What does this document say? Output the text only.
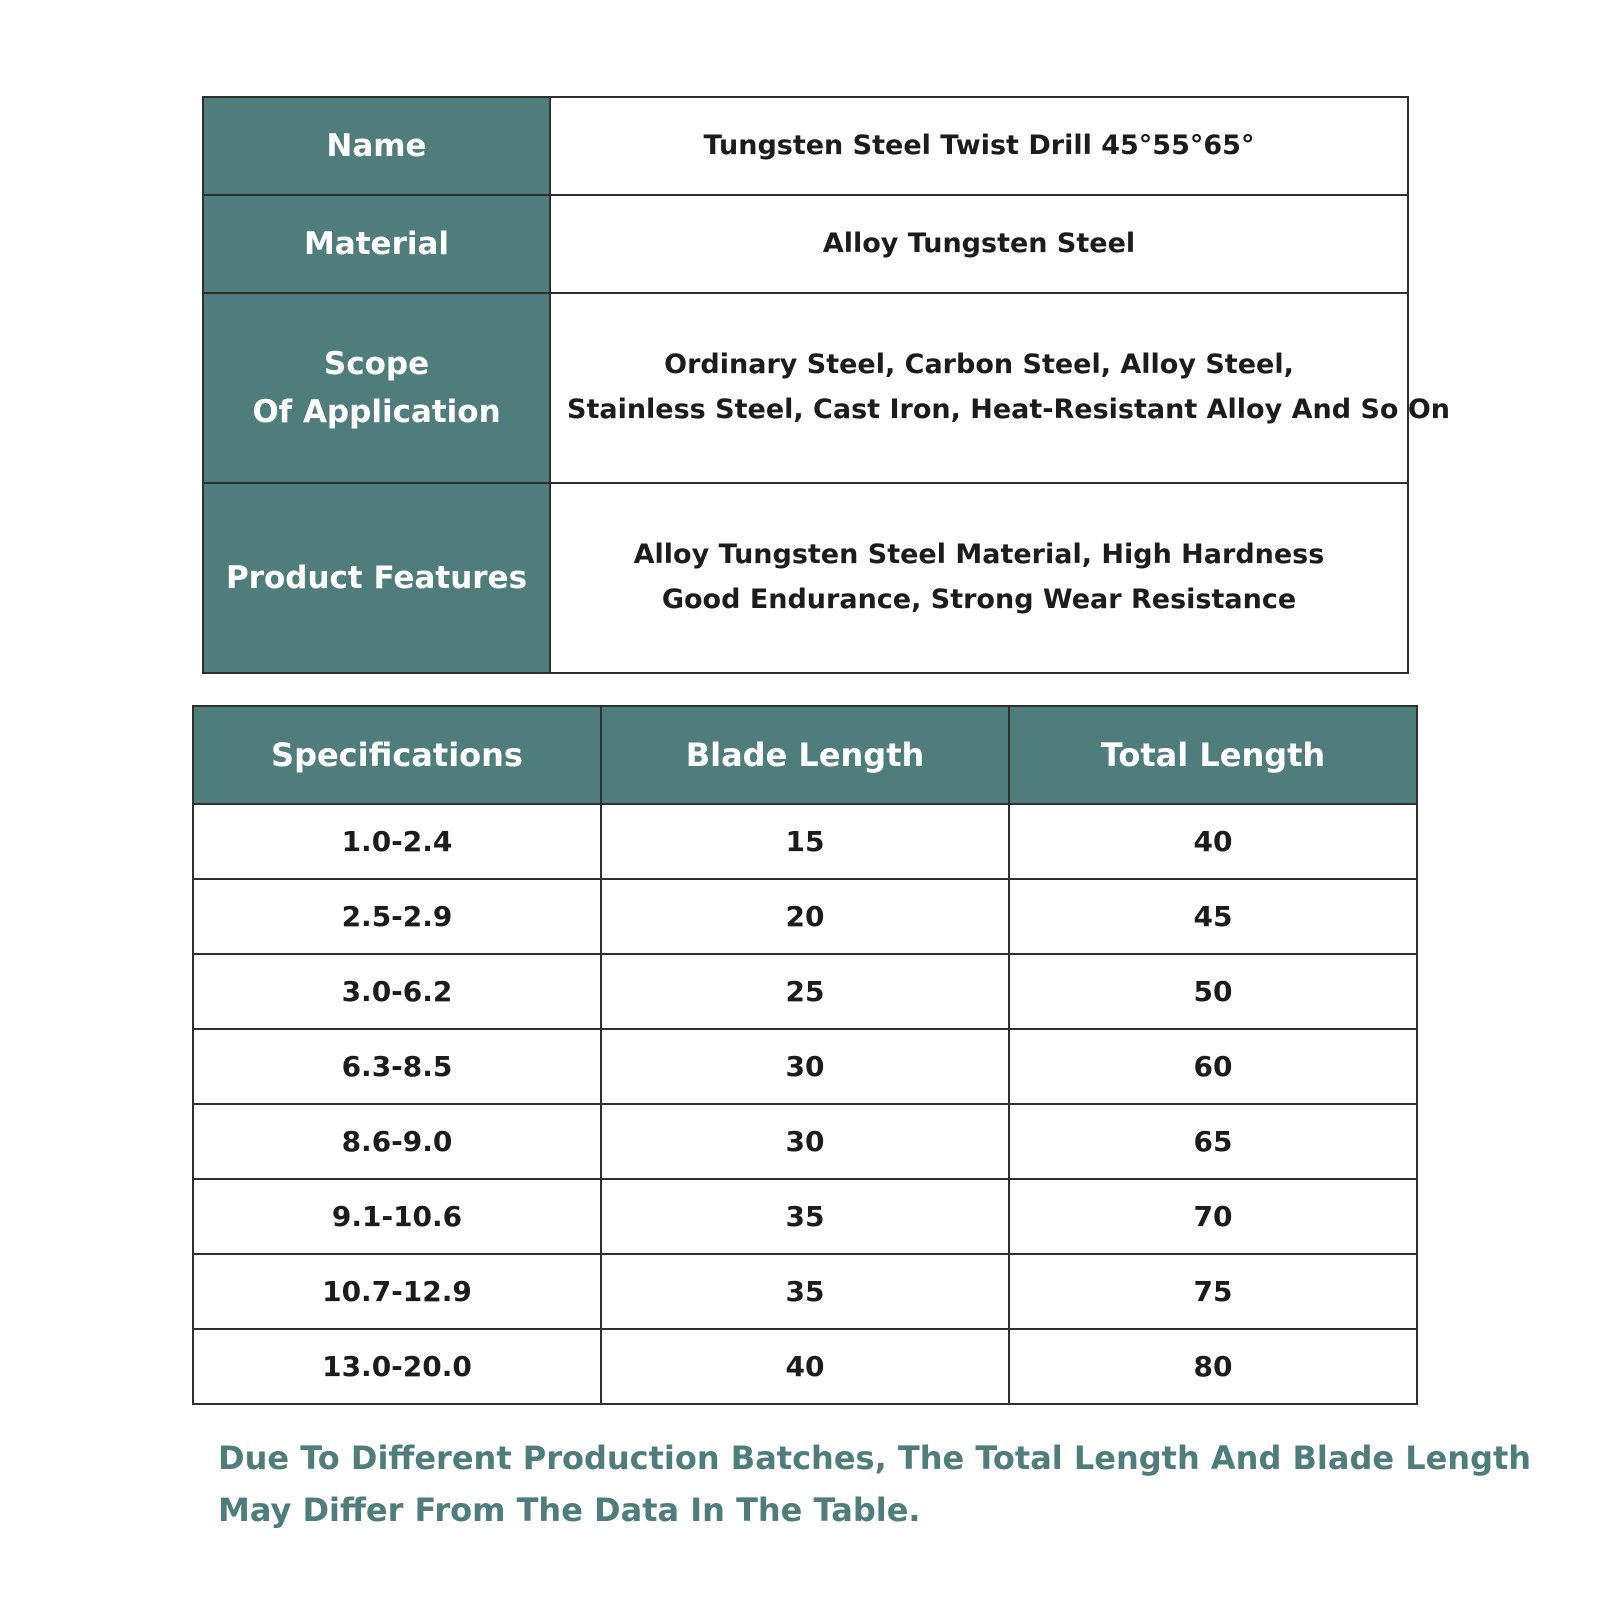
Name	Tungsten Steel Twist Drill 45°55°65°
Material	Alloy Tungsten Steel

Scope
Of Application	Ordinary Steel, Carbon Steel, Alloy Steel,
Stainless Steel, Cast Iron, Heat-Resistant Alloy And So On

Product Features	Alloy Tungsten Steel Material, High Hardness
Good Endurance, Strong Wear Resistance
Specifications	Blade Length	Total Length
1.0-2.4	15	40
2.5-2.9	20	45
3.0-6.2	25	50
6.3-8.5	30	60
8.6-9.0	30	65
9.1-10.6	35	70
10.7-12.9	35	75
13.0-20.0	40	80
Due To Different Production Batches, The Total Length And Blade Length
May Differ From The Data In The Table.
